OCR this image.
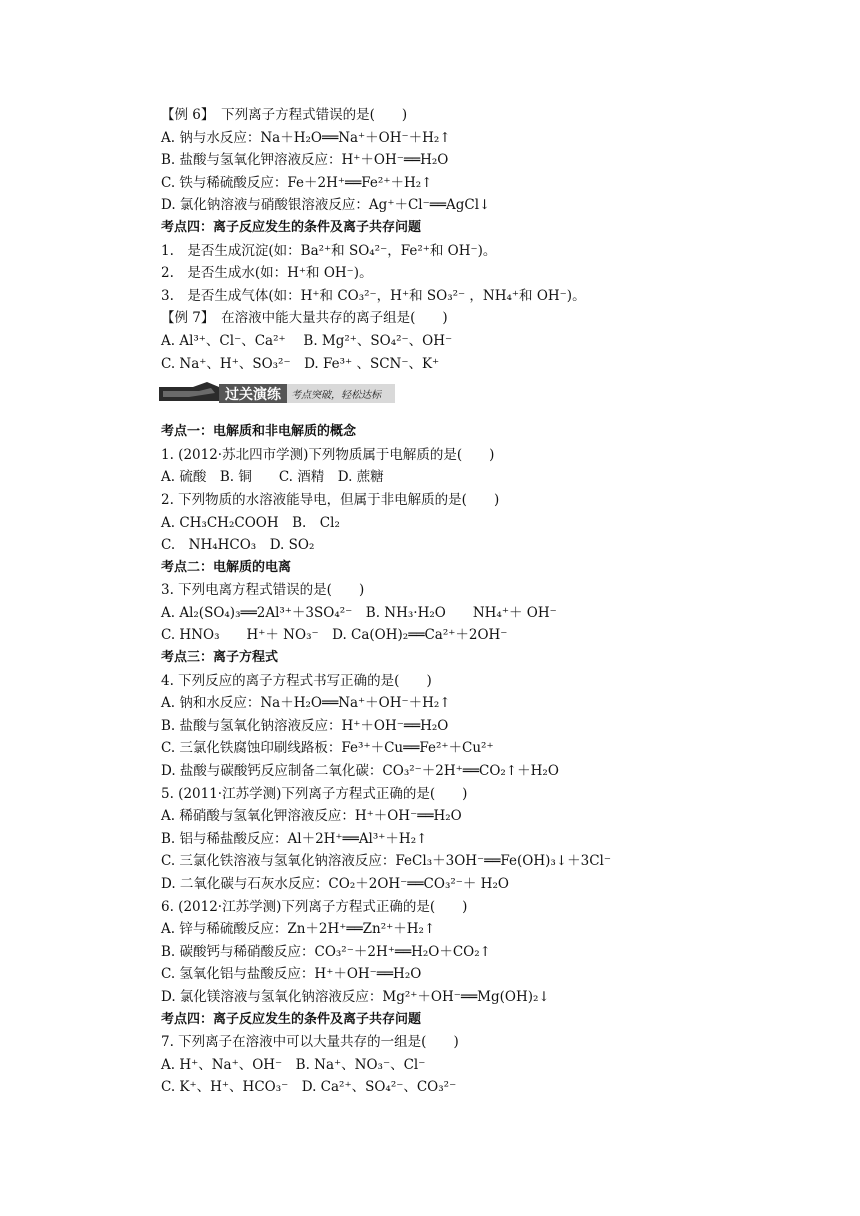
【例 6】　下列离子方程式错误的是(　　)
A. 钠与水反应：Na＋H₂O══Na⁺＋OH⁻＋H₂↑
B. 盐酸与氢氧化钾溶液反应：H⁺＋OH⁻══H₂O
C. 铁与稀硫酸反应：Fe＋2H⁺══Fe²⁺＋H₂↑
D. 氯化钠溶液与硝酸银溶液反应：Ag⁺＋Cl⁻══AgCl↓
考点四：离子反应发生的条件及离子共存问题
1.　是否生成沉淀(如：Ba²⁺和 SO₄²⁻，Fe²⁺和 OH⁻)。
2.　是否生成水(如：H⁺和 OH⁻)。
3.　是否生成气体(如：H⁺和 CO₃²⁻，H⁺和 SO₃²⁻ ，NH₄⁺和 OH⁻)。
【例 7】　在溶液中能大量共存的离子组是(　　)
A. Al³⁺、Cl⁻、Ca²⁺　 B. Mg²⁺、SO₄²⁻、OH⁻
C. Na⁺、H⁺、SO₃²⁻　D. Fe³⁺ 、SCN⁻、K⁺
过关演练 考点突破，轻松达标
考点一：电解质和非电解质的概念
1. (2012·苏北四市学测)下列物质属于电解质的是(　　)
A. 硫酸　B. 铜　　C. 酒精　D. 蔗糖
2. 下列物质的水溶液能导电，但属于非电解质的是(　　)
A. CH₃CH₂COOH　B.　Cl₂
C.　NH₄HCO₃　D. SO₂
考点二：电解质的电离
3. 下列电离方程式错误的是(　　)
A. Al₂(SO₄)₃══2Al³⁺＋3SO₄²⁻　B. NH₃·H₂O　　NH₄⁺＋ OH⁻
C. HNO₃　　H⁺＋ NO₃⁻　D. Ca(OH)₂══Ca²⁺＋2OH⁻
考点三：离子方程式
4. 下列反应的离子方程式书写正确的是(　　)
A. 钠和水反应：Na＋H₂O══Na⁺＋OH⁻＋H₂↑
B. 盐酸与氢氧化钠溶液反应：H⁺＋OH⁻══H₂O
C. 三氯化铁腐蚀印刷线路板：Fe³⁺＋Cu══Fe²⁺＋Cu²⁺
D. 盐酸与碳酸钙反应制备二氧化碳：CO₃²⁻＋2H⁺══CO₂↑＋H₂O
5. (2011·江苏学测)下列离子方程式正确的是(　　)
A. 稀硝酸与氢氧化钾溶液反应：H⁺＋OH⁻══H₂O
B. 铝与稀盐酸反应：Al＋2H⁺══Al³⁺＋H₂↑
C. 三氯化铁溶液与氢氧化钠溶液反应：FeCl₃＋3OH⁻══Fe(OH)₃↓＋3Cl⁻
D. 二氧化碳与石灰水反应：CO₂＋2OH⁻══CO₃²⁻＋ H₂O
6. (2012·江苏学测)下列离子方程式正确的是(　　)
A. 锌与稀硫酸反应：Zn＋2H⁺══Zn²⁺＋H₂↑
B. 碳酸钙与稀硝酸反应：CO₃²⁻＋2H⁺══H₂O＋CO₂↑
C. 氢氧化铝与盐酸反应：H⁺＋OH⁻══H₂O
D. 氯化镁溶液与氢氧化钠溶液反应：Mg²⁺＋OH⁻══Mg(OH)₂↓
考点四：离子反应发生的条件及离子共存问题
7. 下列离子在溶液中可以大量共存的一组是(　　)
A. H⁺、Na⁺、OH⁻　B. Na⁺、NO₃⁻、Cl⁻
C. K⁺、H⁺、HCO₃⁻　D. Ca²⁺、SO₄²⁻、CO₃²⁻
